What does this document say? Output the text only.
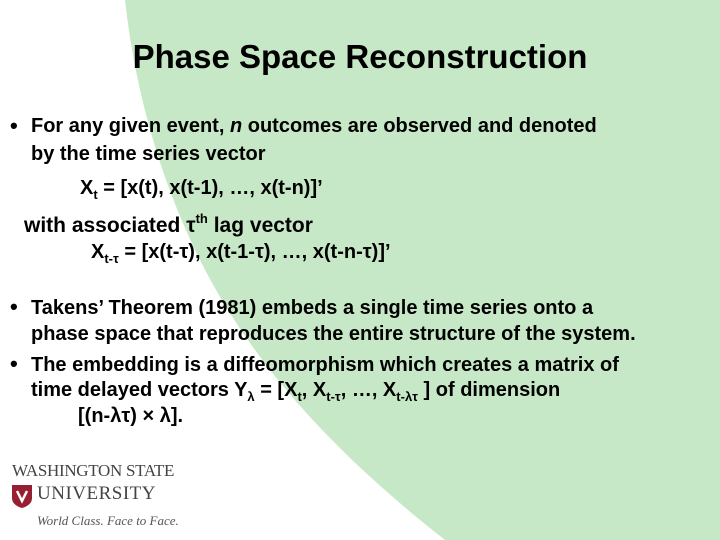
Phase Space Reconstruction
• For any given event, n outcomes are observed and denoted
by the time series vector
$X_t = [x(t)$, x(t-1), …, x(t-n)]’
with associated $\tau^{th}$ lag vector
$X_{t-\tau} = [x(t-\tau)$, x(t-1-τ), …, x(t-n-τ)]’
• Takens’ Theorem (1981) embeds a single time series onto a
phase space that reproduces the entire structure of the system.
• The embedding is a diffeomorphism which creates a matrix of
time delayed vectors $Y_\lambda = [X_t$, $X_{t-\tau}$, …, $X_{t-\lambda\tau}$ ] of dimension
[(n-λτ) × λ].
WASHINGTON STATE
UNIVERSITY
World Class. Face to Face.
